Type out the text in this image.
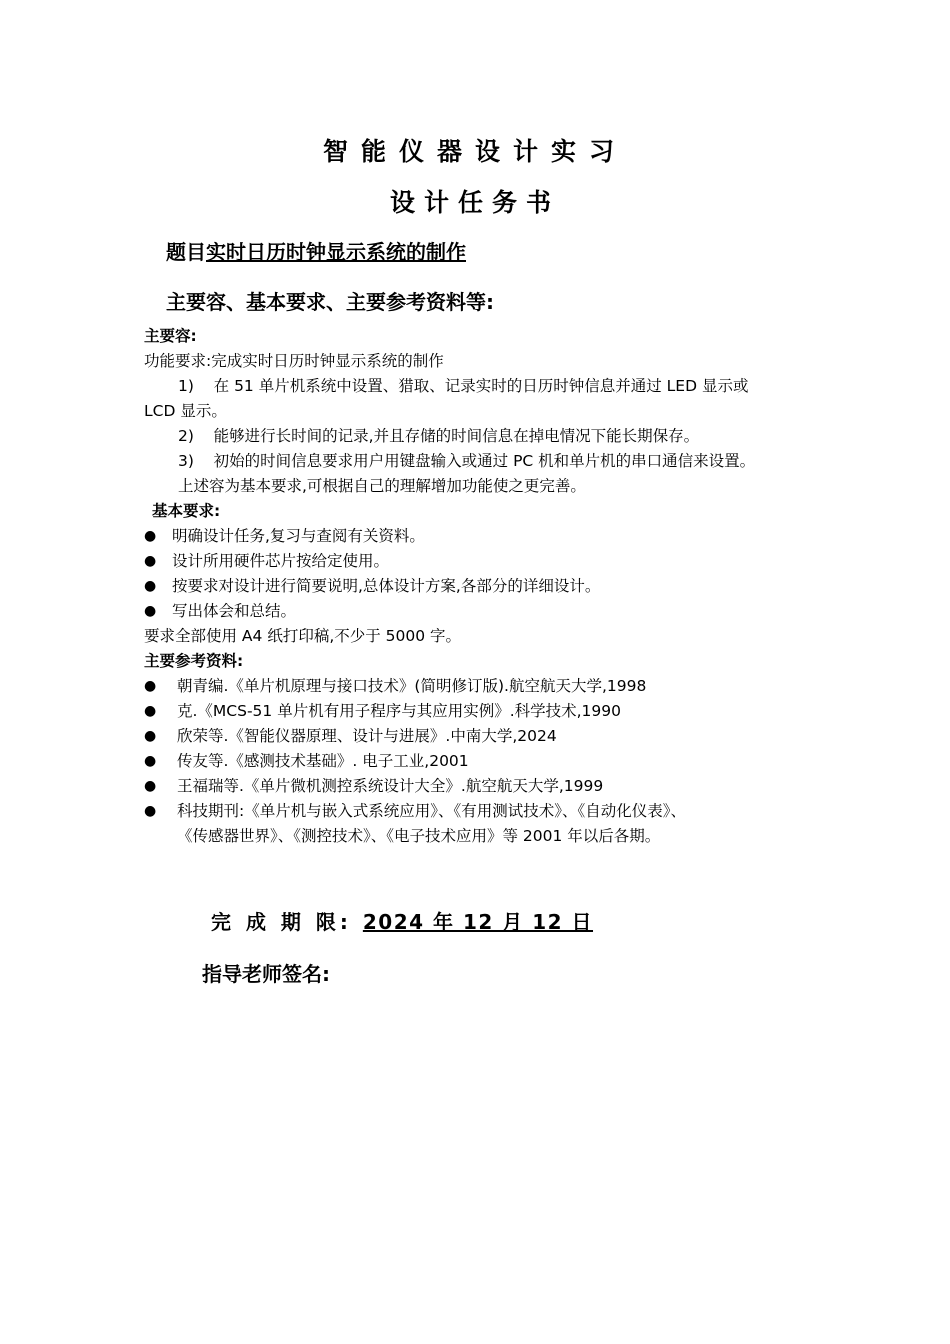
智能仪器设计实习
设计任务书
题目实时日历时钟显示系统的制作
主要容、基本要求、主要参考资料等:
主要容:
功能要求:完成实时日历时钟显示系统的制作
1) 在 51 单片机系统中设置、猎取、记录实时的日历时钟信息并通过 LED 显示或
LCD 显示。
2) 能够进行长时间的记录,并且存储的时间信息在掉电情况下能长期保存。
3) 初始的时间信息要求用户用键盘输入或通过 PC 机和单片机的串口通信来设置。
上述容为基本要求,可根据自己的理解增加功能使之更完善。
基本要求:
●	明确设计任务,复习与查阅有关资料。
●	设计所用硬件芯片按给定使用。
●	按要求对设计进行简要说明,总体设计方案,各部分的详细设计。
●	写出体会和总结。
要求全部使用 A4 纸打印稿,不少于 5000 字。
主要参考资料:
●	朝青编.《单片机原理与接口技术》(简明修订版).航空航天大学,1998
●	克.《MCS-51 单片机有用子程序与其应用实例》.科学技术,1990
●	欣荣等.《智能仪器原理、设计与进展》.中南大学,2024
●	传友等.《感测技术基础》. 电子工业,2001
●	王福瑞等.《单片微机测控系统设计大全》.航空航天大学,1999
●	科技期刊:《单片机与嵌入式系统应用》、《有用测试技术》、《自动化仪表》、
《传感器世界》、《测控技术》、《电子技术应用》等 2001 年以后各期。
完 成 期 限: 2024 年 12 月 12 日
指导老师签名:
